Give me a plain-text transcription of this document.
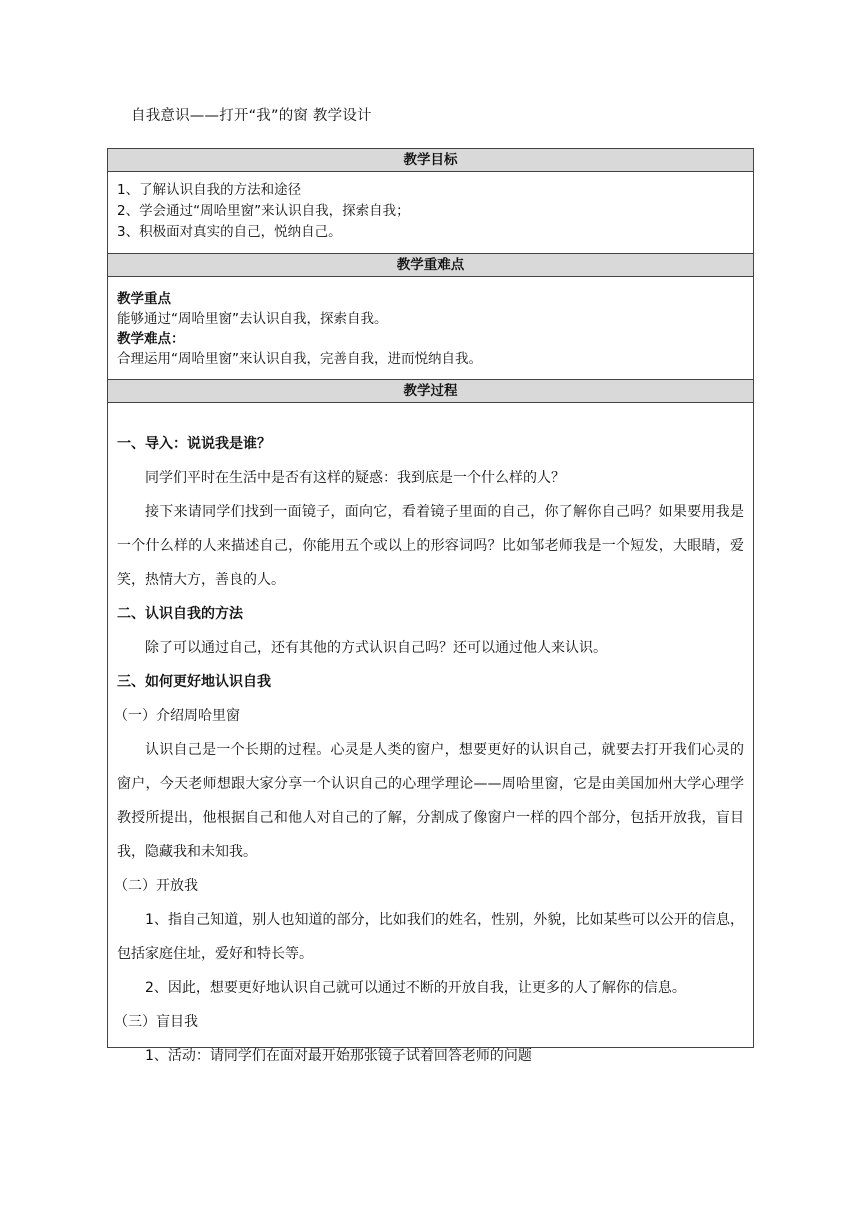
自我意识——打开“我”的窗 教学设计
教学目标
1、了解认识自我的方法和途径
2、学会通过“周哈里窗”来认识自我，探索自我；
3、积极面对真实的自己，悦纳自己。
教学重难点
教学重点
能够通过“周哈里窗”去认识自我，探索自我。
教学难点：
合理运用“周哈里窗”来认识自我，完善自我，进而悦纳自我。
教学过程
一、导入：说说我是谁？
同学们平时在生活中是否有这样的疑惑：我到底是一个什么样的人？
接下来请同学们找到一面镜子，面向它，看着镜子里面的自己，你了解你自己吗？如果要用我是一个什么样的人来描述自己，你能用五个或以上的形容词吗？比如邹老师我是一个短发，大眼睛，爱笑，热情大方，善良的人。
二、认识自我的方法
除了可以通过自己，还有其他的方式认识自己吗？还可以通过他人来认识。
三、如何更好地认识自我
（一）介绍周哈里窗
认识自己是一个长期的过程。心灵是人类的窗户，想要更好的认识自己，就要去打开我们心灵的窗户，今天老师想跟大家分享一个认识自己的心理学理论——周哈里窗，它是由美国加州大学心理学教授所提出，他根据自己和他人对自己的了解，分割成了像窗户一样的四个部分，包括开放我，盲目我，隐藏我和未知我。
（二）开放我
1、指自己知道，别人也知道的部分，比如我们的姓名，性别，外貌，比如某些可以公开的信息，包括家庭住址，爱好和特长等。
2、因此，想要更好地认识自己就可以通过不断的开放自我，让更多的人了解你的信息。
（三）盲目我
1、活动：请同学们在面对最开始那张镜子试着回答老师的问题
